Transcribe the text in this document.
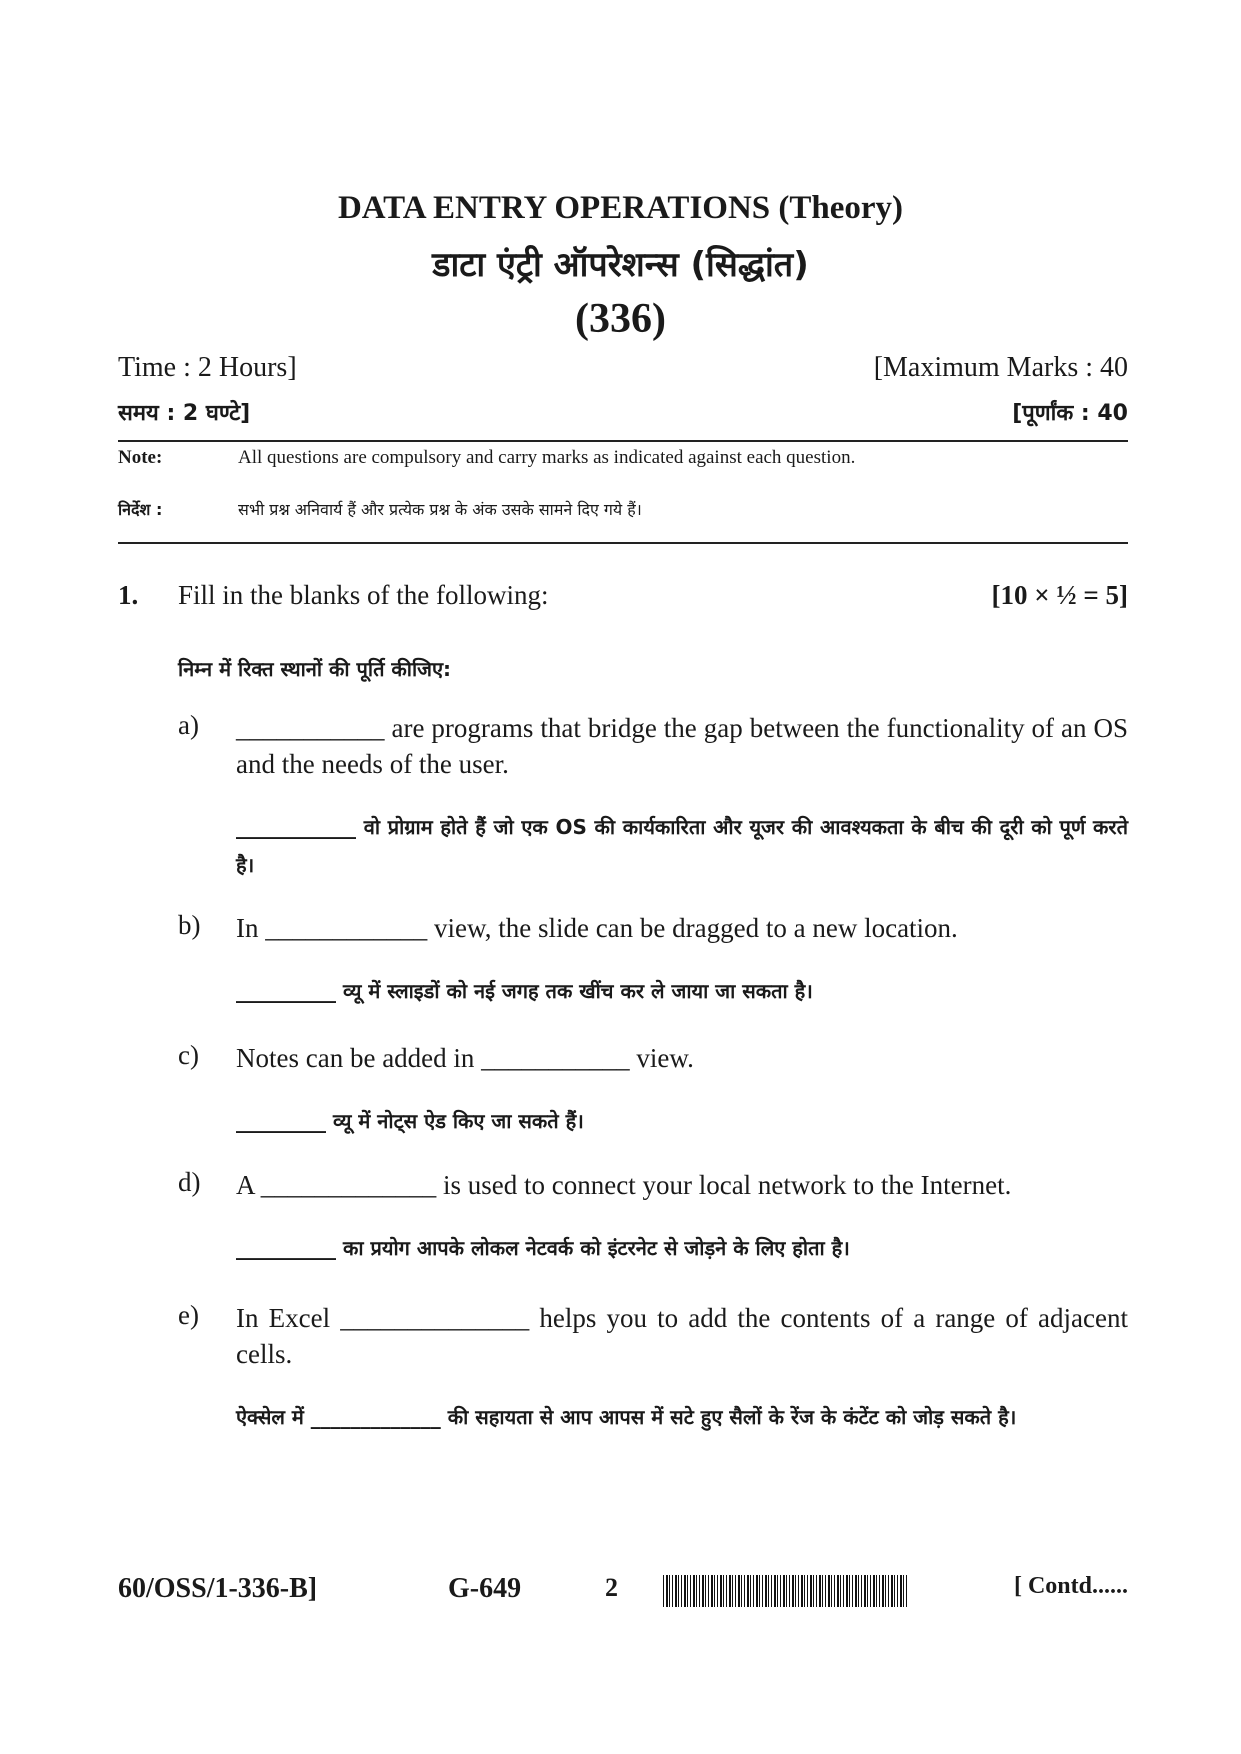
DATA ENTRY OPERATIONS (Theory)
डाटा एंट्री ऑपरेशन्स (सिद्धांत)
(336)
Time : 2 Hours]	[Maximum Marks : 40
समय : 2 घण्टे]	[पूर्णांक : 40
Note:	All questions are compulsory and carry marks as indicated against each question.
निर्देश :	सभी प्रश्न अनिवार्य हैं और प्रत्येक प्रश्न के अंक उसके सामने दिए गये हैं।
1. Fill in the blanks of the following:	[10 × ½ = 5]
निम्न में रिक्त स्थानों की पूर्ति कीजिए:
a) ___________ are programs that bridge the gap between the functionality of an OS and the needs of the user.
____________ वो प्रोग्राम होते हैं जो एक OS की कार्यकारिता और यूजर की आवश्यकता के बीच की दूरी को पूर्ण करते है।
b) In ____________ view, the slide can be dragged to a new location.
__________ व्यू में स्लाइडों को नई जगह तक खींच कर ले जाया जा सकता है।
c) Notes can be added in ___________ view.
_________ व्यू में नोट्स ऐड किए जा सकते हैं।
d) A _____________ is used to connect your local network to the Internet.
__________ का प्रयोग आपके लोकल नेटवर्क को इंटरनेट से जोड़ने के लिए होता है।
e) In Excel ______________ helps you to add the contents of a range of adjacent cells.
ऐक्सेल में _____________ की सहायता से आप आपस में सटे हुए सैलों के रेंज के कंटेंट को जोड़ सकते है।
60/OSS/1-336-B]	G-649	2	[ Contd......
